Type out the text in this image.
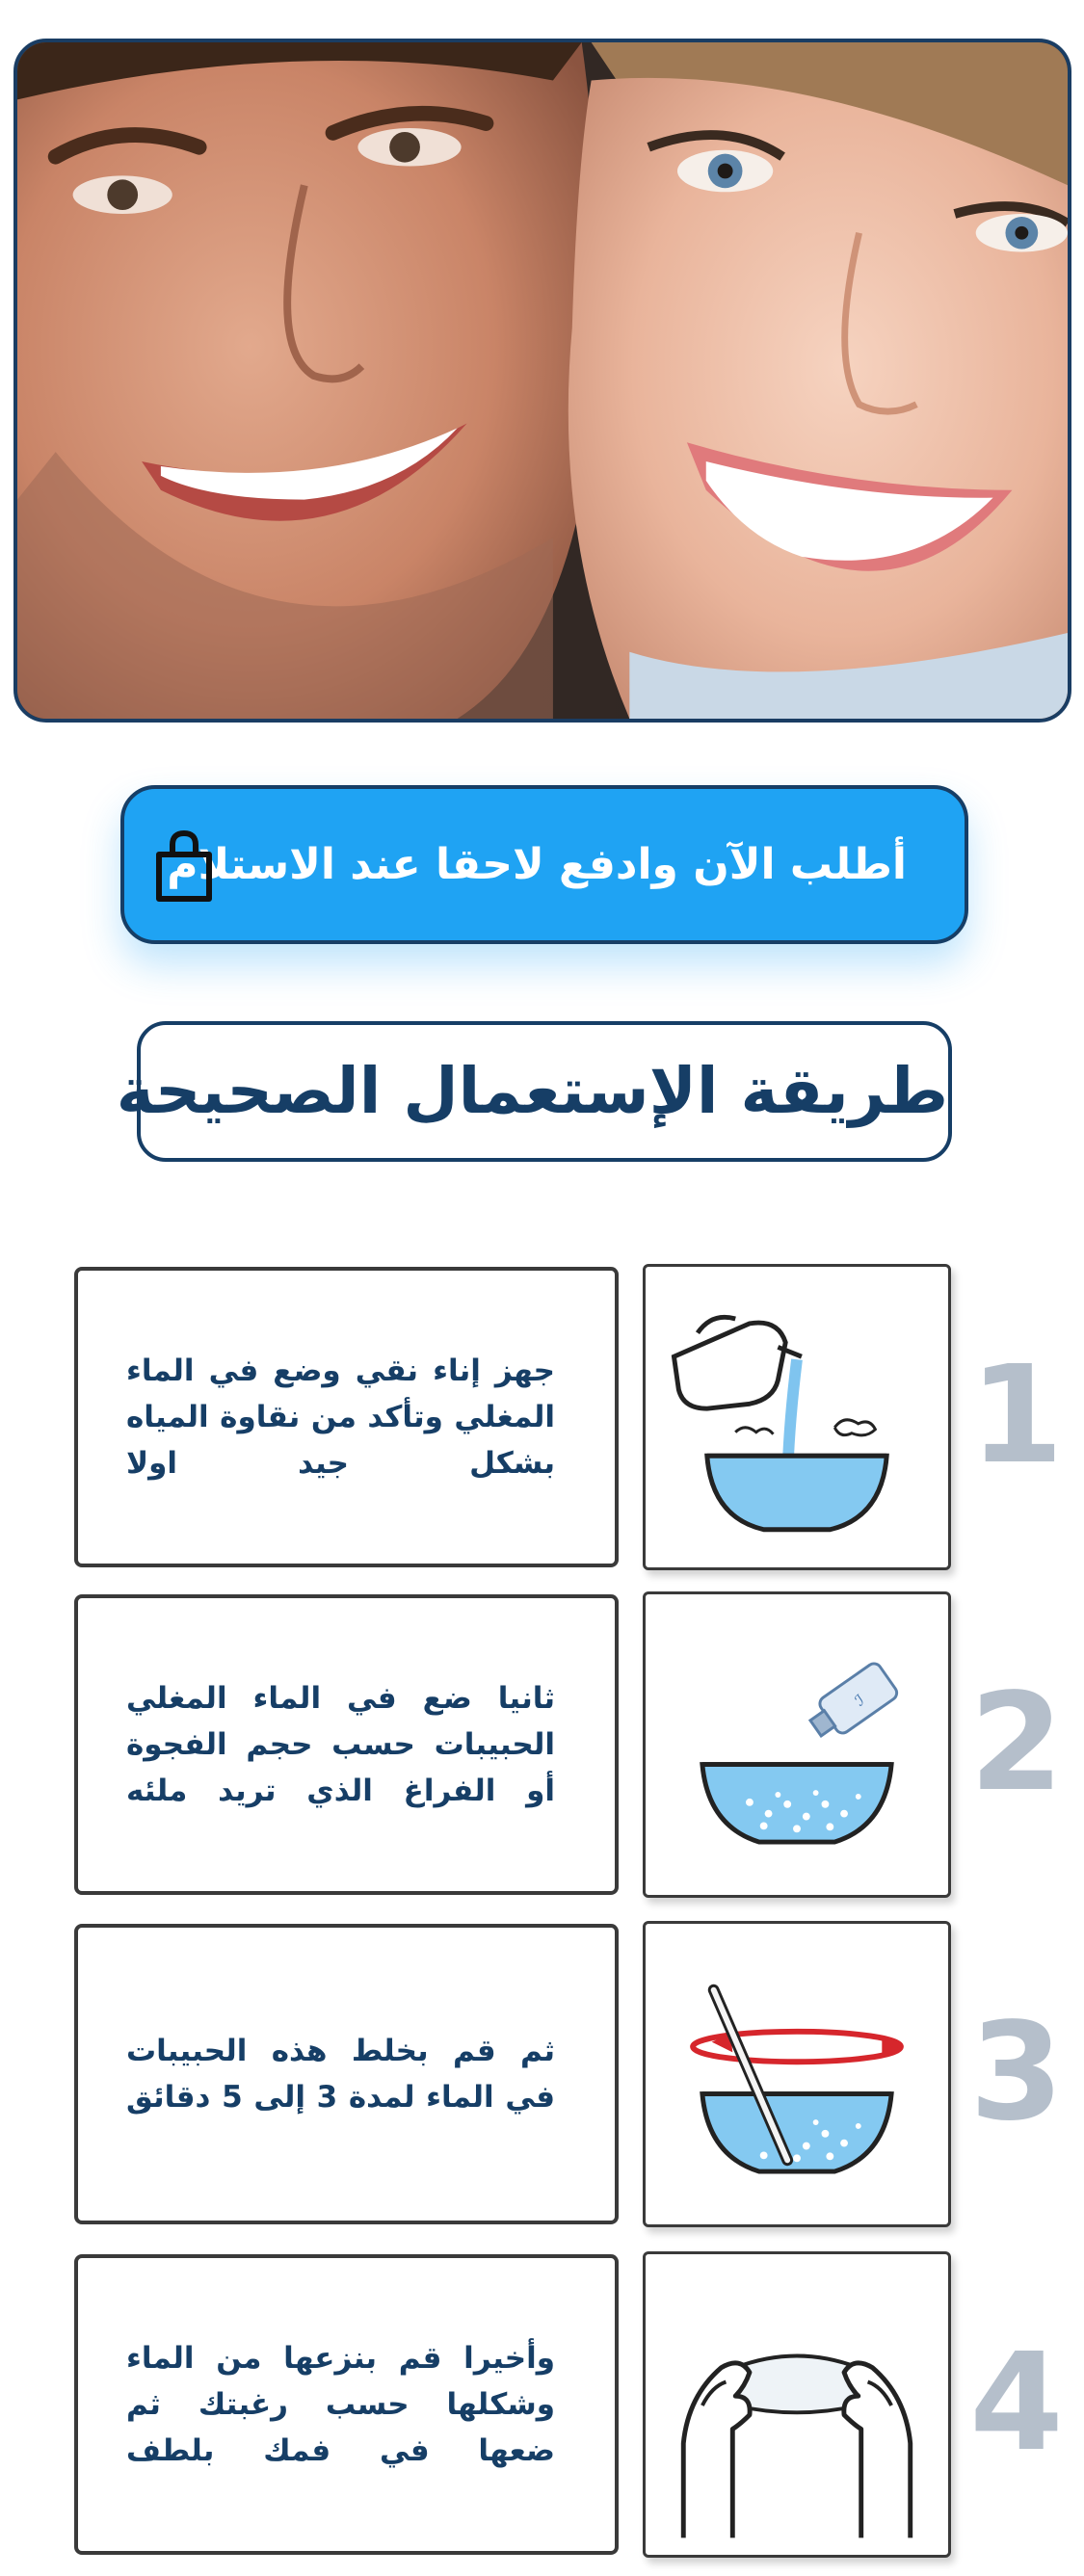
أطلب الآن وادفع لاحقا عند الاستلام
طريقة الإستعمال الصحيحة
جهز إناء نقي وضع في الماء المغلي وتأكد من نقاوة المياه بشكل جيد اولا	1
ثانيا ضع في الماء المغلي الحبيبات حسب حجم الفجوة أو الفراغ الذي تريد ملئه
ℐ 2
ثم قم بخلط هذه الحبيبات في الماء لمدة 3 إلى 5 دقائق	3
وأخيرا قم بنزعها من الماء وشكلها حسب رغبتك ثم ضعها في فمك بلطف	4
